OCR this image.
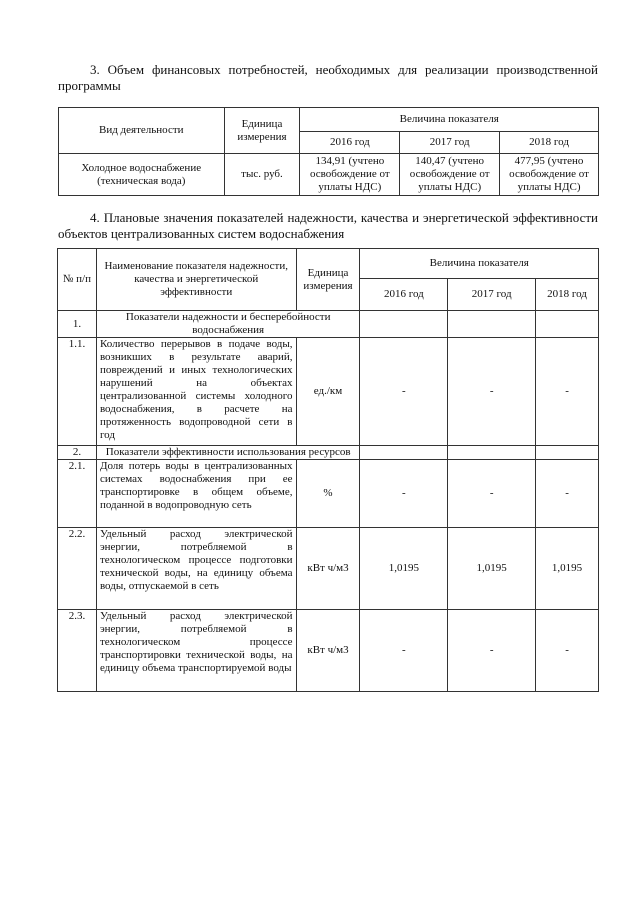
3. Объем финансовых потребностей, необходимых для реализации производственной программы
Вид деятельности	Единица измерения	Величина показателя		
		2016 год	2017 год	2018 год
Холодное водоснабжение (техническая вода)	тыс. руб.	134,91 (учтено освобождение от уплаты НДС)	140,47 (учтено освобождение от уплаты НДС)	477,95 (учтено освобождение от уплаты НДС)
4. Плановые значения показателей надежности, качества и энергетической эффективности объектов централизованных систем водоснабжения
№ п/п	Наименование показателя надежности, качества и энергетической эффективности	Единица измерения	Величина показателя		
			2016 год	2017 год	2018 год
1.	Показатели надежности и бесперебойности водоснабжения				
1.1.	Количество перерывов в подаче воды, возникших в результате аварий, повреждений и иных технологических нарушений на объектах централизованной системы холодного водоснабжения, в расчете на протяженность водопроводной сети в год	ед./км	-	-	-
2.	Показатели эффективности использования ресурсов				
2.1.	Доля потерь воды в централизованных системах водоснабжения при ее транспортировке в общем объеме, поданной в водопроводную сеть	%	-	-	-
2.2.	Удельный расход электрической энергии, потребляемой в технологическом процессе подготовки технической воды, на единицу объема воды, отпускаемой в сеть	кВт ч/м3	1,0195	1,0195	1,0195
2.3.	Удельный расход электрической энергии, потребляемой в технологическом процессе транспортировки технической воды, на единицу объема транспортируемой воды	кВт ч/м3	-	-	-
